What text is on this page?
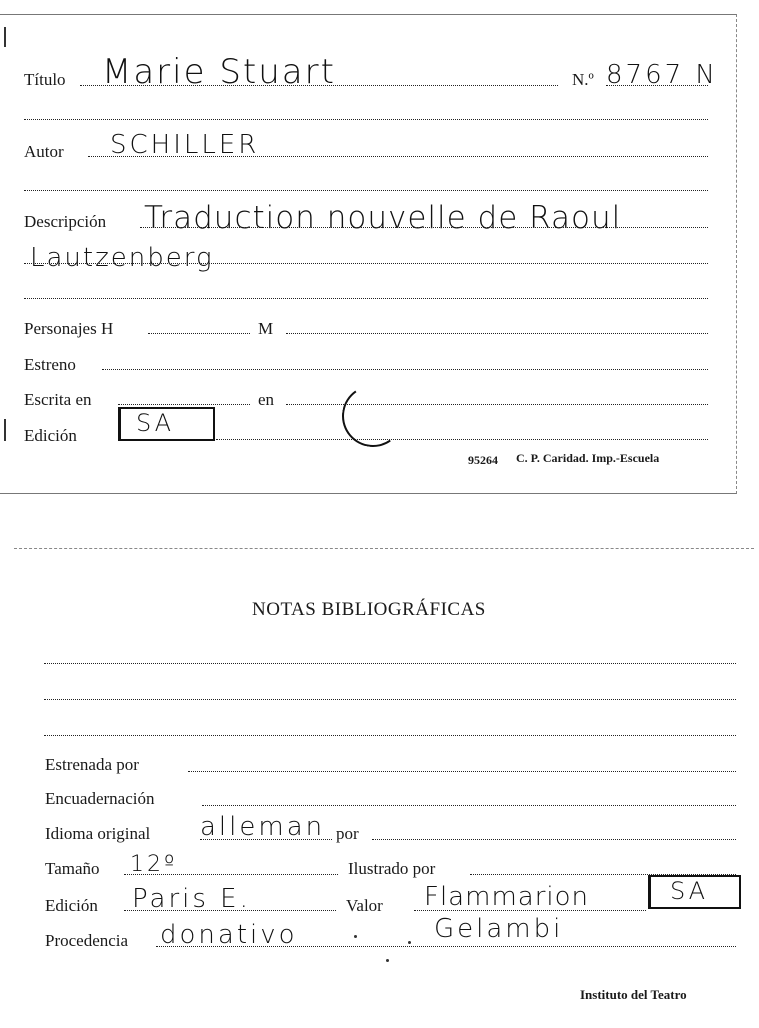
Título Marie Stuart	N.º 8767 N
Autor SCHILLER
Descripción Traduction nouvelle de Raoul
Lautzenberg
Personajes H	M
Estreno
Escrita en	en
Edición SA
95264 C. P. Caridad. Imp.-Escuela
NOTAS BIBLIOGRÁFICAS
Estrenada por
Encuadernación
Idioma original alleman por
Tamaño 12º	Ilustrado por
Edición Paris E.	Valor Flammarion	SA
Procedencia donativo	Gelambi
Instituto del Teatro
